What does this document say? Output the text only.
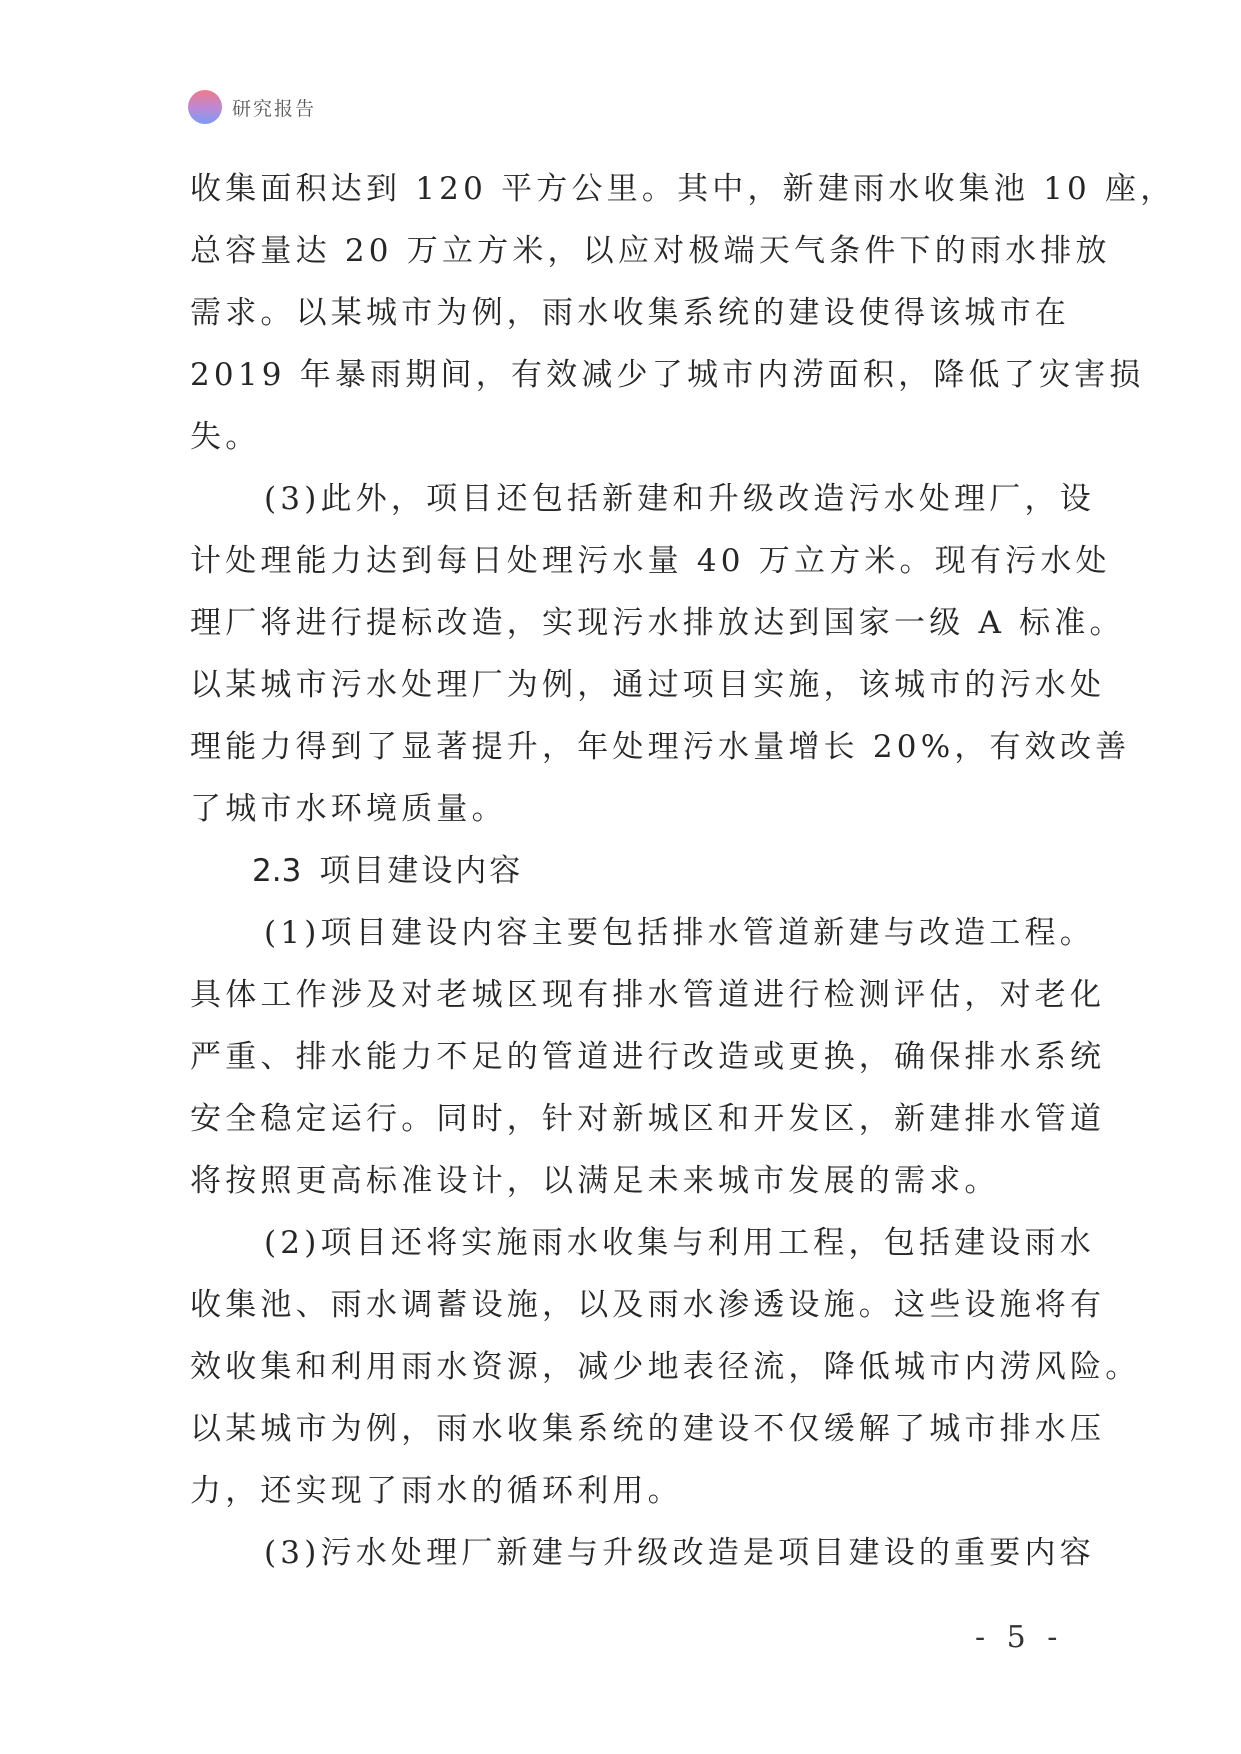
研究报告
收集面积达到 120 平方公里。其中，新建雨水收集池 10 座，
总容量达 20 万立方米，以应对极端天气条件下的雨水排放
需求。以某城市为例，雨水收集系统的建设使得该城市在
2019 年暴雨期间，有效减少了城市内涝面积，降低了灾害损
失。
(3)此外，项目还包括新建和升级改造污水处理厂，设
计处理能力达到每日处理污水量 40 万立方米。现有污水处
理厂将进行提标改造，实现污水排放达到国家一级 A 标准。
以某城市污水处理厂为例，通过项目实施，该城市的污水处
理能力得到了显著提升，年处理污水量增长 20%，有效改善
了城市水环境质量。
2.3 项目建设内容
(1)项目建设内容主要包括排水管道新建与改造工程。
具体工作涉及对老城区现有排水管道进行检测评估，对老化
严重、排水能力不足的管道进行改造或更换，确保排水系统
安全稳定运行。同时，针对新城区和开发区，新建排水管道
将按照更高标准设计，以满足未来城市发展的需求。
(2)项目还将实施雨水收集与利用工程，包括建设雨水
收集池、雨水调蓄设施，以及雨水渗透设施。这些设施将有
效收集和利用雨水资源，减少地表径流，降低城市内涝风险。
以某城市为例，雨水收集系统的建设不仅缓解了城市排水压
力，还实现了雨水的循环利用。
(3)污水处理厂新建与升级改造是项目建设的重要内容
- 5 -
